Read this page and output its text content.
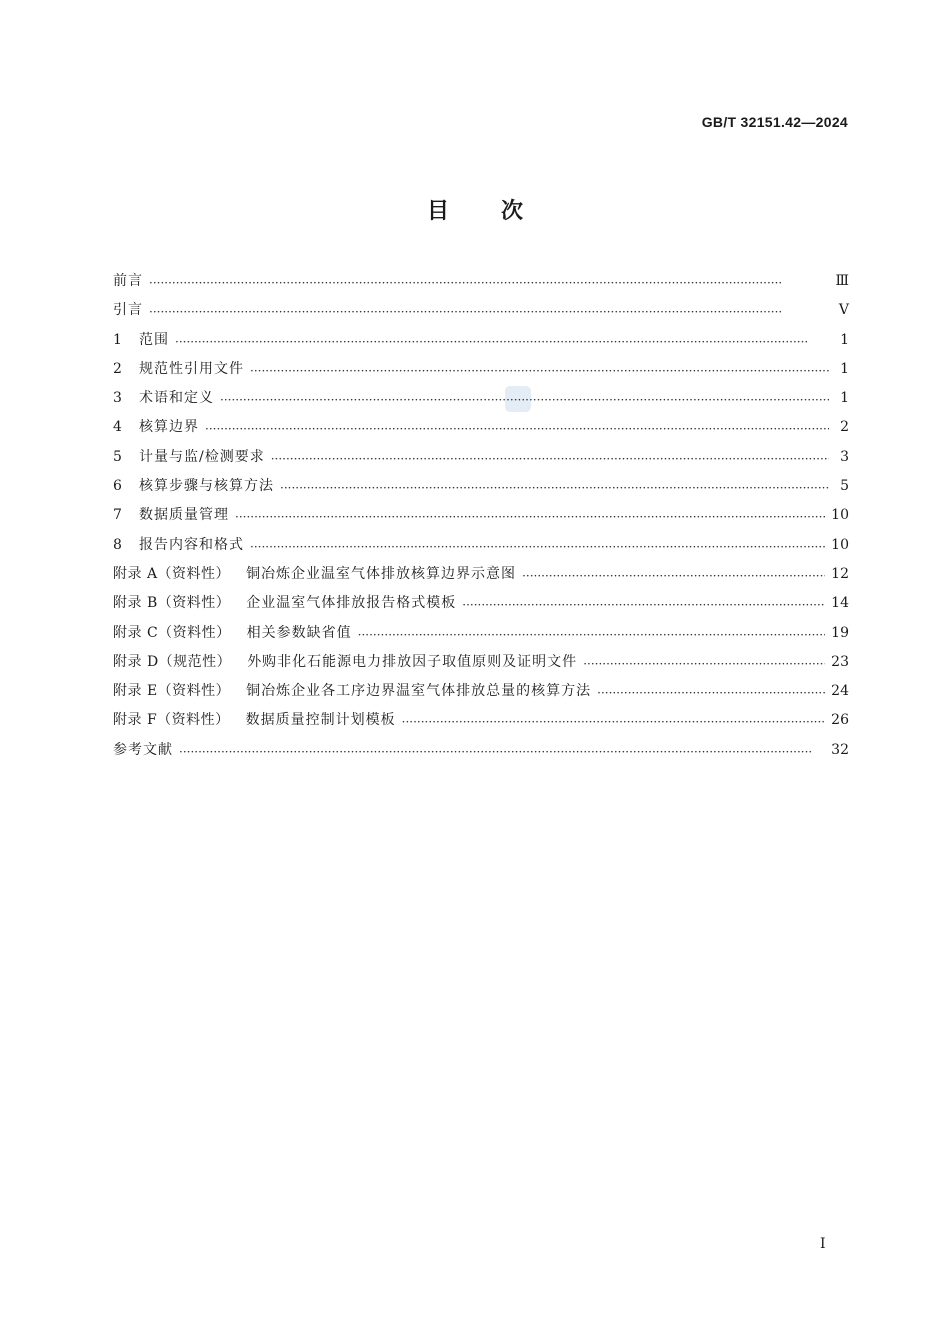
GB/T 32151.42—2024
目 次
前言 ·····	Ⅲ
引言 ·····	Ⅴ
1	范围 ·····	1
2	规范性引用文件 ·····	1
3	术语和定义 ·····	1
4	核算边界 ·····	2
5	计量与监/检测要求 ·····	3
6	核算步骤与核算方法 ·····	5
7	数据质量管理 ·····	10
8	报告内容和格式 ·····	10
附录 A（资料性） 铜冶炼企业温室气体排放核算边界示意图 ·····	12
附录 B（资料性） 企业温室气体排放报告格式模板 ·····	14
附录 C（资料性） 相关参数缺省值 ·····	19
附录 D（规范性） 外购非化石能源电力排放因子取值原则及证明文件 ·····	23
附录 E（资料性） 铜冶炼企业各工序边界温室气体排放总量的核算方法 ·····	24
附录 F（资料性） 数据质量控制计划模板 ·····	26
参考文献 ·····	32
I
